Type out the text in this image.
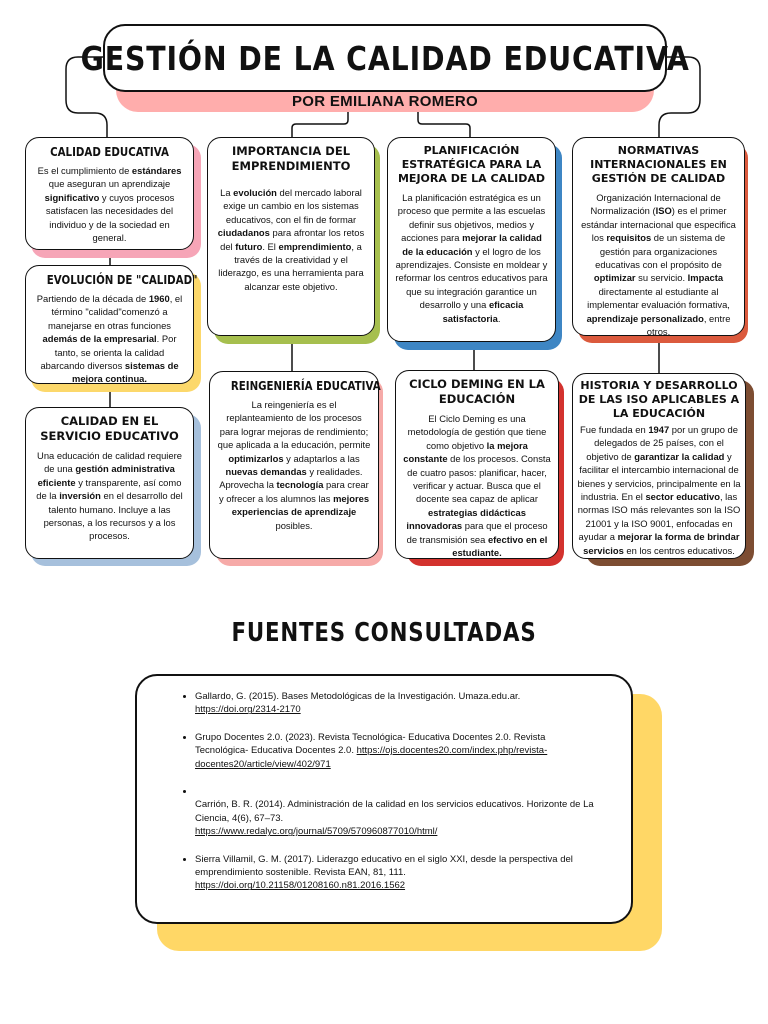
GESTIÓN DE LA CALIDAD EDUCATIVA
POR EMILIANA ROMERO
CALIDAD EDUCATIVA

Es el cumplimiento de estándares que aseguran un aprendizaje significativo y cuyos procesos satisfacen las necesidades del individuo y de la sociedad en general.

EVOLUCIÓN DE "CALIDAD"

Partiendo de la década de 1960, el término "calidad"comenzó a manejarse en otras funciones además de la empresarial. Por tanto, se orienta la calidad abarcando diversos sistemas de mejora continua.

CALIDAD EN EL SERVICIO EDUCATIVO

Una educación de calidad requiere de una gestión administrativa eficiente y transparente, así como de la inversión en el desarrollo del talento humano. Incluye a las personas, a los recursos y a los procesos.

IMPORTANCIA DEL EMPRENDIMIENTO

La evolución del mercado laboral exige un cambio en los sistemas educativos, con el fin de formar ciudadanos para afrontar los retos del futuro. El emprendimiento, a través de la creatividad y el liderazgo, es una herramienta para alcanzar este objetivo.

REINGENIERÍA EDUCATIVA

La reingeniería es el replanteamiento de los procesos para lograr mejoras de rendimiento; que aplicada a la educación, permite optimizarlos y adaptarlos a las nuevas demandas y realidades. Aprovecha la tecnología para crear y ofrecer a los alumnos las mejores experiencias de aprendizaje posibles.

PLANIFICACIÓN ESTRATÉGICA PARA LA MEJORA DE LA CALIDAD

La planificación estratégica es un proceso que permite a las escuelas definir sus objetivos, medios y acciones para mejorar la calidad de la educación y el logro de los aprendizajes. Consiste en moldear y reformar los centros educativos para que su integración garantice un desarrollo y una eficacia satisfactoria.

CICLO DEMING EN LA EDUCACIÓN

El Ciclo Deming es una metodología de gestión que tiene como objetivo la mejora constante de los procesos. Consta de cuatro pasos: planificar, hacer, verificar y actuar. Busca que el docente sea capaz de aplicar estrategias didácticas innovadoras para que el proceso de transmisión sea efectivo en el estudiante.

NORMATIVAS INTERNACIONALES EN GESTIÓN DE CALIDAD

Organización Internacional de Normalización (ISO) es el primer estándar internacional que especifica los requisitos de un sistema de gestión para organizaciones educativas con el propósito de optimizar su servicio. Impacta directamente al estudiante al implementar evaluación formativa, aprendizaje personalizado, entre otros.

HISTORIA Y DESARROLLO DE LAS ISO APLICABLES A LA EDUCACIÓN

Fue fundada en 1947 por un grupo de delegados de 25 países, con el objetivo de garantizar la calidad y facilitar el intercambio internacional de bienes y servicios, principalmente en la industria. En el sector educativo, las normas ISO más relevantes son la ISO 21001 y la ISO 9001, enfocadas en ayudar a mejorar la forma de brindar servicios en los centros educativos.

FUENTES CONSULTADAS
• Gallardo, G. (2015). Bases Metodológicas de la Investigación. Umaza.edu.ar.
https://doi.org/2314-2170
• Grupo Docentes 2.0. (2023). Revista Tecnológica- Educativa Docentes 2.0. Revista Tecnológica- Educativa Docentes 2.0. https://ojs.docentes20.com/index.php/revista-docentes20/article/view/402/971

• Carrión, B. R. (2014). Administración de la calidad en los servicios educativos. Horizonte de La Ciencia, 4(6), 67–73.
https://www.redalyc.org/journal/5709/570960877010/html/
• Sierra Villamil, G. M. (2017). Liderazgo educativo en el siglo XXI, desde la perspectiva del emprendimiento sostenible. Revista EAN, 81, 111.
https://doi.org/10.21158/01208160.n81.2016.1562
